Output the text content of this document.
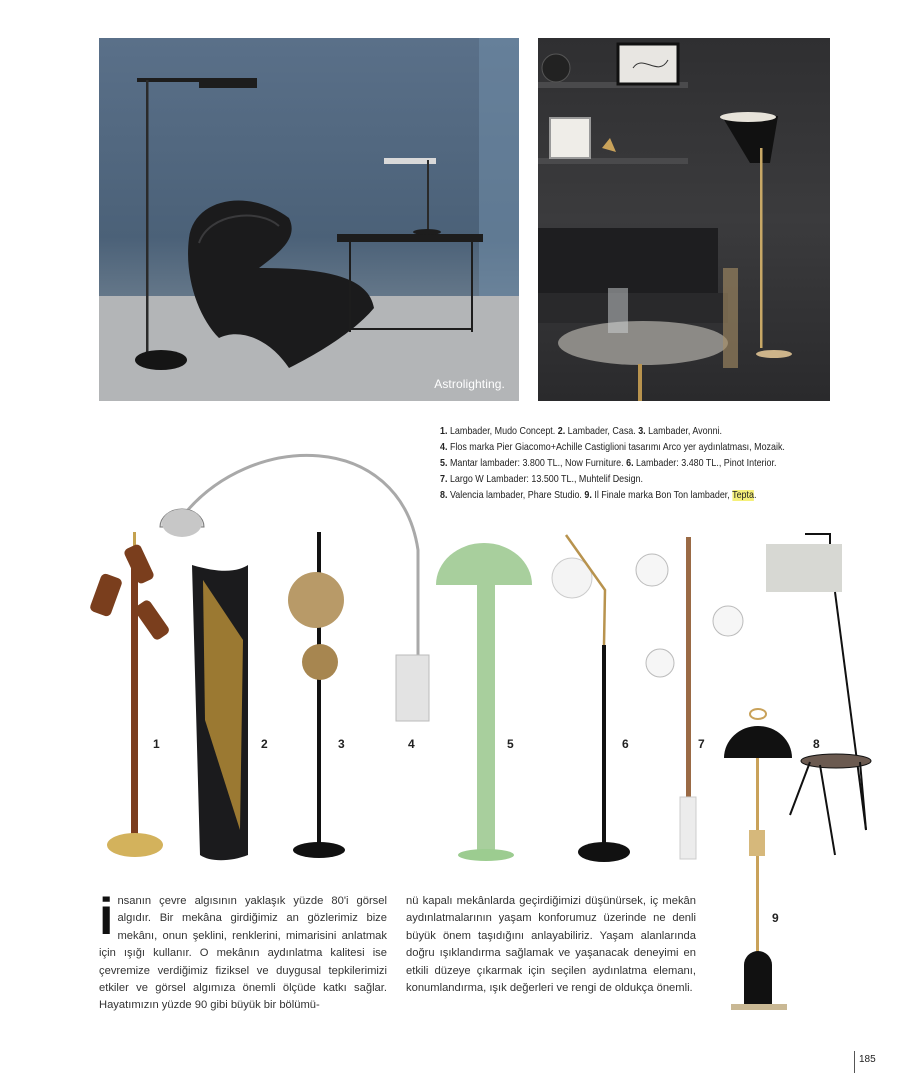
Astrolighting.
1. Lambader, Mudo Concept. 2. Lambader, Casa. 3. Lambader, Avonni.
4. Flos marka Pier Giacomo+Achille Castiglioni tasarımı Arco yer aydınlatması, Mozaik.
5. Mantar lambader: 3.800 TL., Now Furniture. 6. Lambader: 3.480 TL., Pinot Interior.
7. Largo W Lambader: 13.500 TL., Muhtelif Design.
8. Valencia lambader, Phare Studio. 9. Il Finale marka Bon Ton lambader, Tepta.
1	2	3	4	5	6	7	8
9
insanın çevre algısının yaklaşık yüzde 80'i görsel algıdır. Bir mekâna girdiğimiz an gözlerimiz bize mekânı, onun şeklini, renklerini, mimarisini anlatmak için ışığı kullanır. O mekânın aydınlatma kalitesi ise çevremize verdiğimiz fiziksel ve duygusal tepkilerimizi etkiler ve görsel algımıza önemli ölçüde katkı sağlar. Hayatımızın yüzde 90 gibi büyük bir bölümü-
nü kapalı mekânlarda geçirdiğimizi düşünürsek, iç mekân aydınlatmalarının yaşam konforumuz üzerinde ne denli büyük önem taşıdığını anlayabiliriz. Yaşam alanlarında doğru ışıklandırma sağlamak ve yaşanacak deneyimi en etkili düzeye çıkarmak için seçilen aydınlatma elemanı, konumlandırma, ışık değerleri ve rengi de oldukça önemli.
185
